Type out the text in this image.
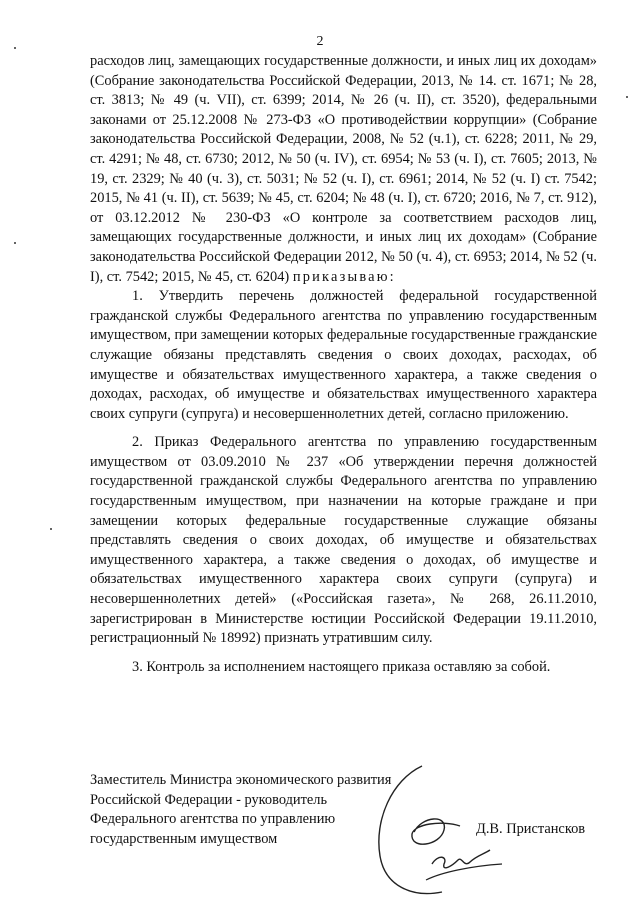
2

расходов лиц, замещающих государственные должности, и иных лиц их доходам» (Собрание законодательства Российской Федерации, 2013, № 14. ст. 1671; № 28, ст. 3813; № 49 (ч. VII), ст. 6399; 2014, № 26 (ч. II), ст. 3520), федеральными законами от 25.12.2008 № 273-ФЗ «О противодействии коррупции» (Собрание законодательства Российской Федерации, 2008, № 52 (ч.1), ст. 6228; 2011, № 29, ст. 4291; № 48, ст. 6730; 2012, № 50 (ч. IV), ст. 6954; № 53 (ч. I), ст. 7605; 2013, № 19, ст. 2329; № 40 (ч. 3), ст. 5031; № 52 (ч. I), ст. 6961; 2014, № 52 (ч. I) ст. 7542; 2015, № 41 (ч. II), ст. 5639; № 45, ст. 6204; № 48 (ч. I), ст. 6720; 2016, № 7, ст. 912), от 03.12.2012 № 230-ФЗ «О контроле за соответствием расходов лиц, замещающих государственные должности, и иных лиц их доходам» (Собрание законодательства Российской Федерации 2012, № 50 (ч. 4), ст. 6953; 2014, № 52 (ч. I), ст. 7542; 2015, № 45, ст. 6204) приказываю:

1. Утвердить перечень должностей федеральной государственной гражданской службы Федерального агентства по управлению государственным имуществом, при замещении которых федеральные государственные гражданские служащие обязаны представлять сведения о своих доходах, расходах, об имуществе и обязательствах имущественного характера, а также сведения о доходах, расходах, об имуществе и обязательствах имущественного характера своих супруги (супруга) и несовершеннолетних детей, согласно приложению.

2. Приказ Федерального агентства по управлению государственным имуществом от 03.09.2010 № 237 «Об утверждении перечня должностей государственной гражданской службы Федерального агентства по управлению государственным имуществом, при назначении на которые граждане и при замещении которых федеральные государственные служащие обязаны представлять сведения о своих доходах, об имуществе и обязательствах имущественного характера, а также сведения о доходах, об имуществе и обязательствах имущественного характера своих супруги (супруга) и несовершеннолетних детей» («Российская газета», № 268, 26.11.2010, зарегистрирован в Министерстве юстиции Российской Федерации 19.11.2010, регистрационный № 18992) признать утратившим силу.

3. Контроль за исполнением настоящего приказа оставляю за собой.

Заместитель Министра экономического развития
Российской Федерации - руководитель
Федерального агентства по управлению
государственным имуществом
Д.В. Пристансков
